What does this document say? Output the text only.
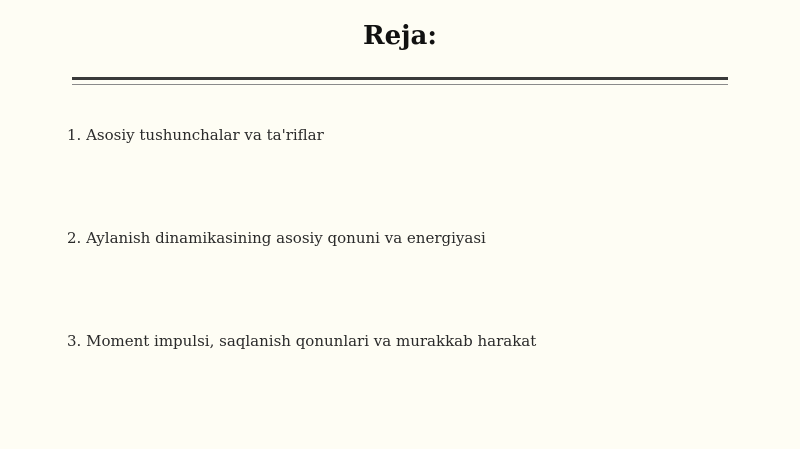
Reja:
1. Asosiy tushunchalar va ta'riflar
2. Aylanish dinamikasining asosiy qonuni va energiyasi
3. Moment impulsi, saqlanish qonunlari va murakkab harakat
